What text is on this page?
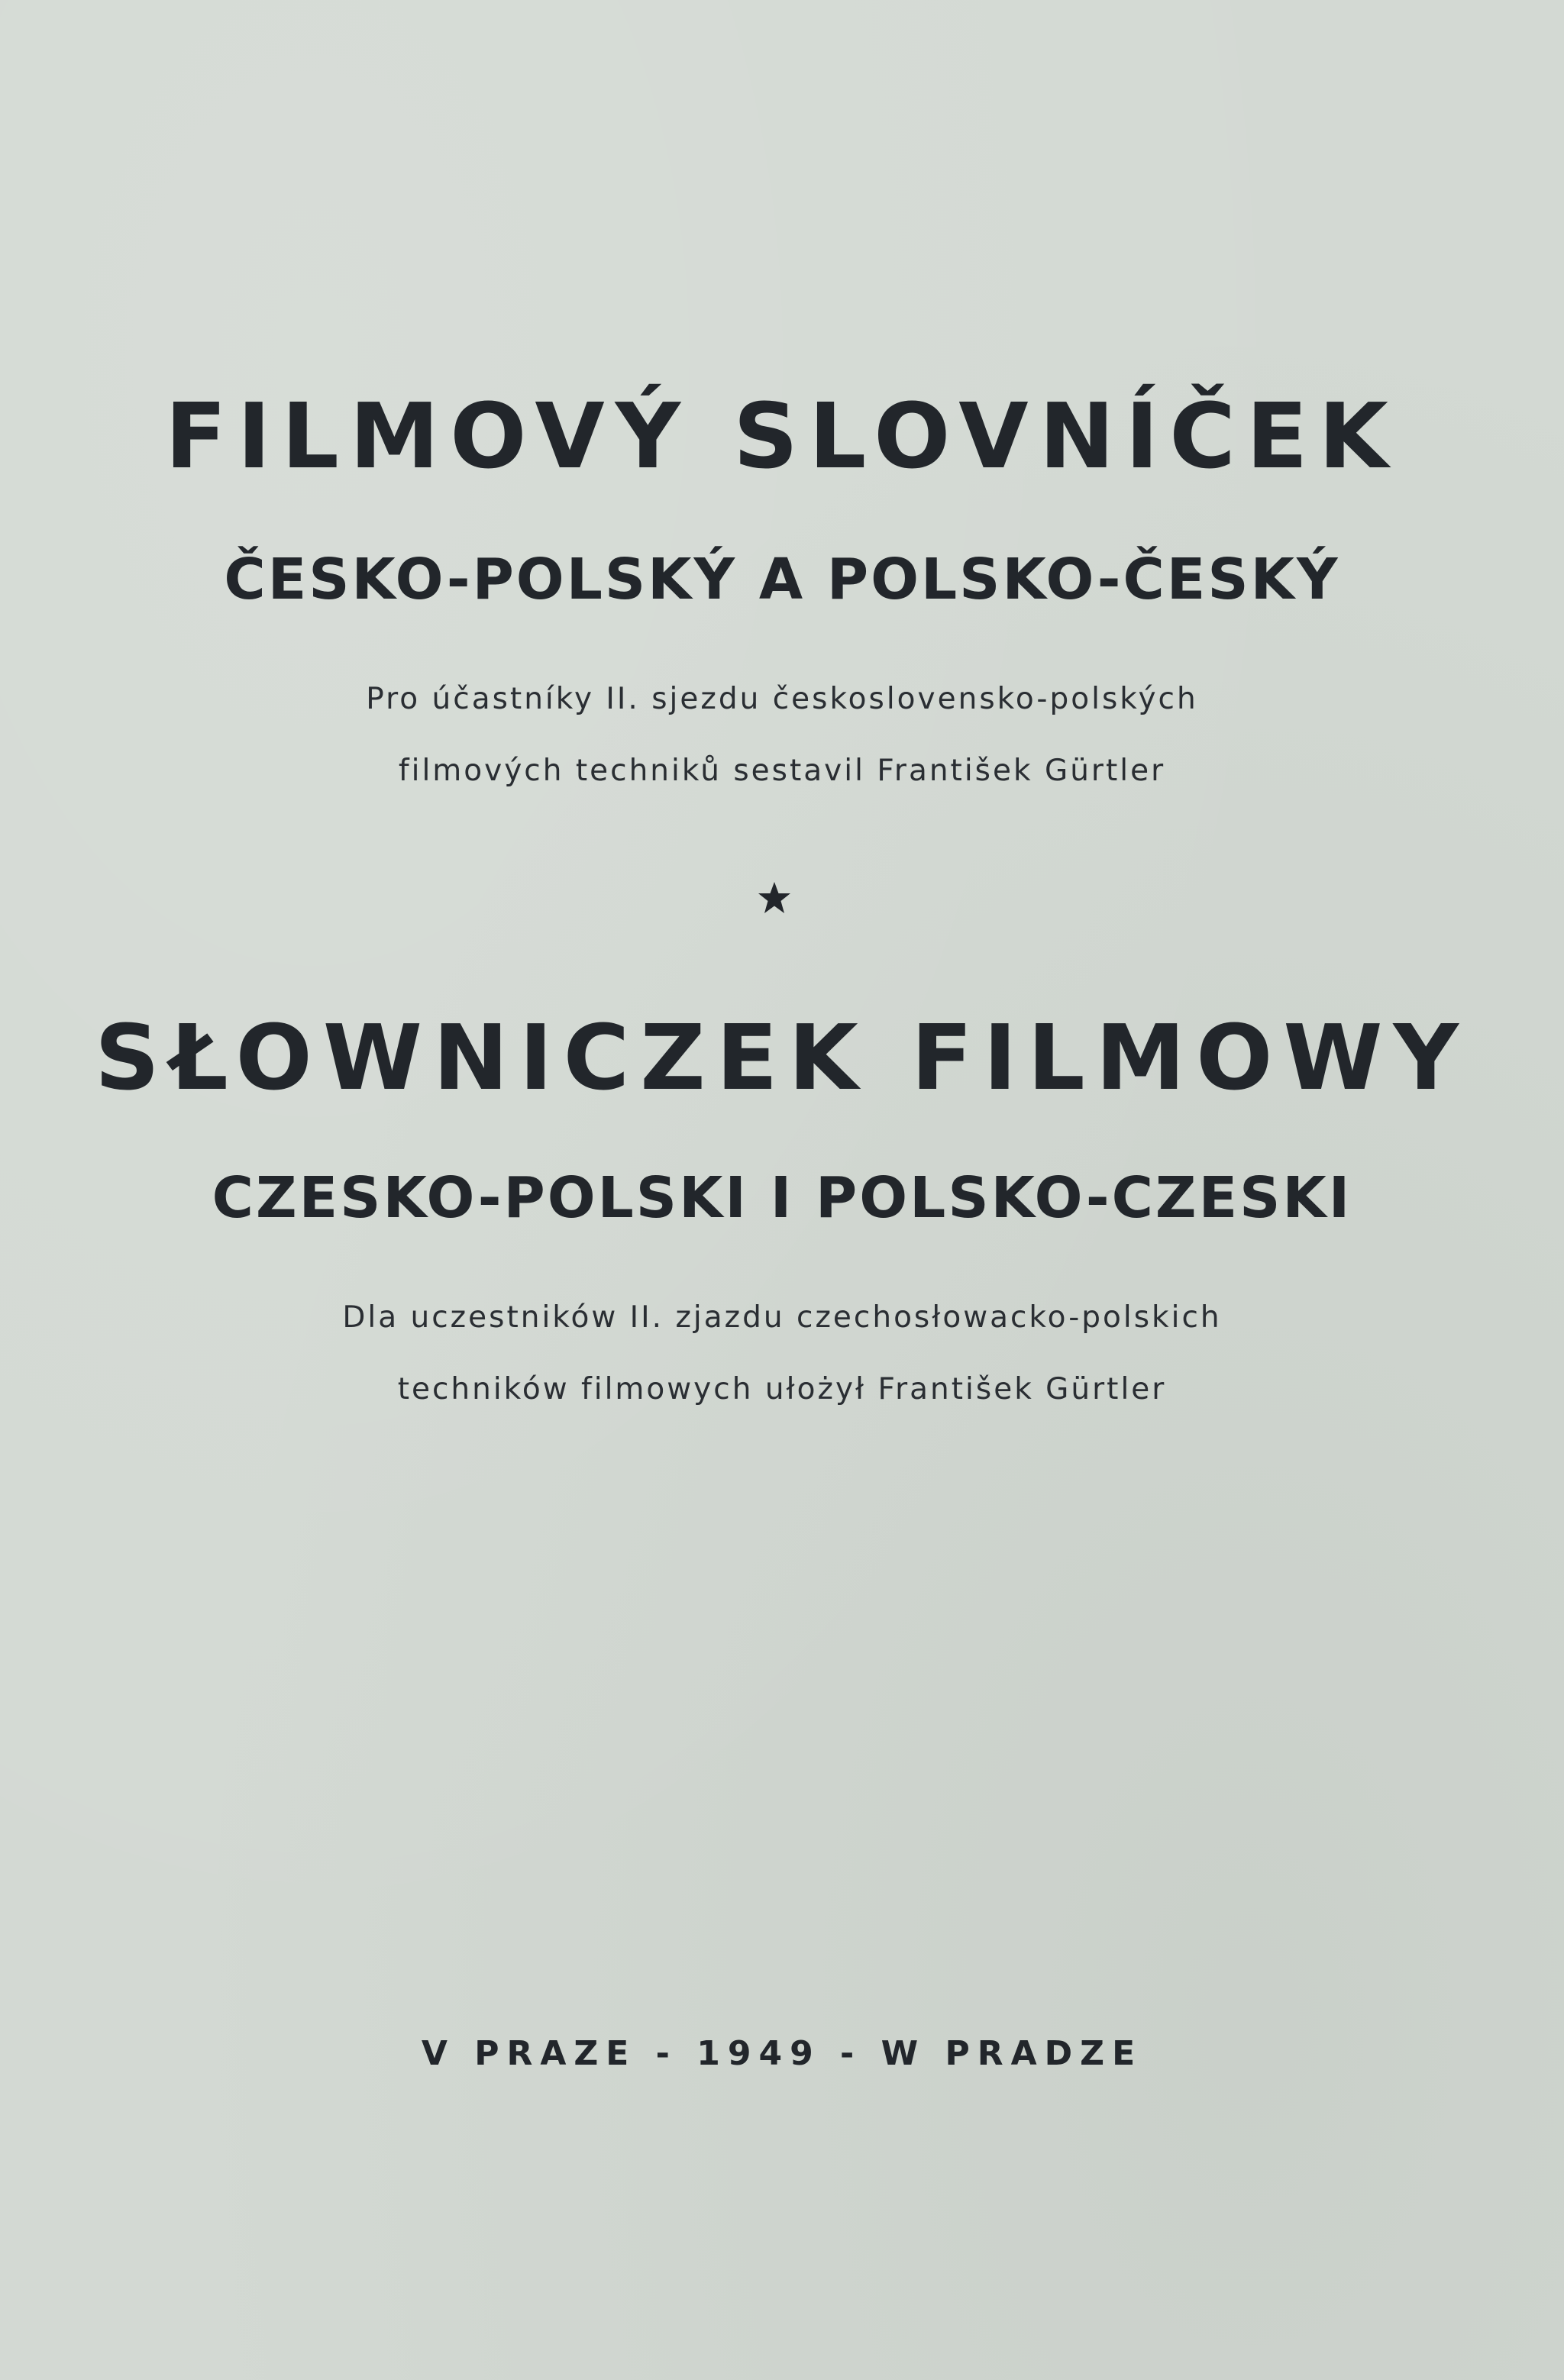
FILMOVÝ SLOVNÍČEK
ČESKO-POLSKÝ A POLSKO-ČESKÝ
Pro účastníky II. sjezdu československo-polských
filmových techniků sestavil František Gürtler
SŁOWNICZEK FILMOWY
CZESKO-POLSKI I POLSKO-CZESKI
Dla uczestników II. zjazdu czechosłowacko-polskich
techników filmowych ułożył František Gürtler
V PRAZE - 1949 - W PRADZE
